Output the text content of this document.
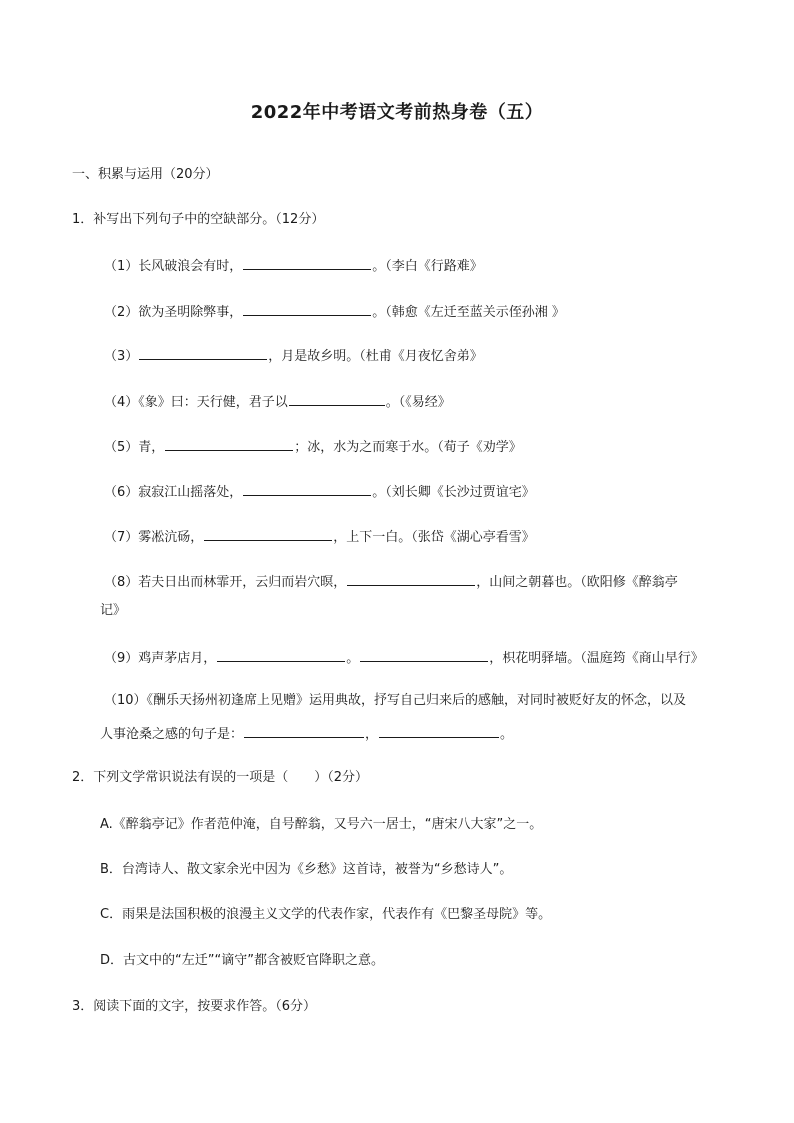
2022年中考语文考前热身卷（五）
一、积累与运用（20分）
1．补写出下列句子中的空缺部分。（12分）
（1）长风破浪会有时，	。（李白《行路难》
（2）欲为圣明除弊事，	。（韩愈《左迁至蓝关示侄孙湘 》
（3）	，月是故乡明。（杜甫《月夜忆舍弟》
（4）《象》曰：天行健，君子以	。（《易经》
（5）青，	；冰，水为之而寒于水。（荀子《劝学》
（6）寂寂江山摇落处，	。（刘长卿《长沙过贾谊宅》
（7）雾凇沆砀，	，上下一白。（张岱《湖心亭看雪》
（8）若夫日出而林霏开，云归而岩穴暝，	，山间之朝暮也。（欧阳修《醉翁亭
记》
（9）鸡声茅店月，	。	，枳花明驿墙。（温庭筠《商山早行》
（10）《酬乐天扬州初逢席上见赠》运用典故，抒写自己归来后的感触，对同时被贬好友的怀念，以及
人事沧桑之感的句子是：	，	。
2．下列文学常识说法有误的一项是（　　）（2分）
A.《醉翁亭记》作者范仲淹，自号醉翁，又号六一居士，“唐宋八大家”之一。
B．台湾诗人、散文家余光中因为《乡愁》这首诗，被誉为“乡愁诗人”。
C．雨果是法国积极的浪漫主义文学的代表作家，代表作有《巴黎圣母院》等。
D．古文中的“左迁”“谪守”都含被贬官降职之意。
3．阅读下面的文字，按要求作答。（6分）
